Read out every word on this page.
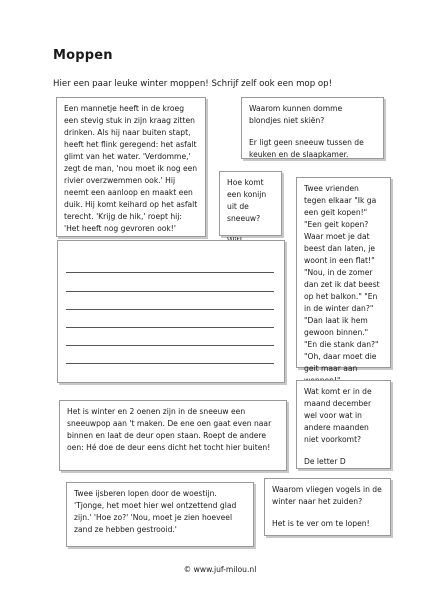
Moppen
Hier een paar leuke winter moppen! Schrijf zelf ook een mop op!

Een mannetje heeft in de kroeg een stevig stuk in zijn kraag zitten drinken. Als hij naar buiten stapt, heeft het flink geregend: het asfalt glimt van het water. 'Verdomme,' zegt de man, 'nou moet ik nog een rivier overzwemmen ook.' Hij neemt een aanloop en maakt een duik. Hij komt keihard op het asfalt terecht. 'Krijg de hik,' roept hij: 'Het heeft nog gevroren ook!'

Waarom kunnen domme blondjes niet skiën?

Er ligt geen sneeuw tussen de keuken en de slaapkamer.

Hoe komt een konijn uit de sneeuw?

Twee vrienden tegen elkaar "Ik ga een geit kopen!" "Een geit kopen? Waar moet je dat beest dan laten, je woont in een flat!" "Nou, in de zomer dan zet ik dat beest op het balkon." "En in de winter dan?" "Dan laat ik hem gewoon binnen." "En die stank dan?" "Oh, daar moet die geit maar aan

Wat komt er in de maand december wel voor wat in andere maanden niet voorkomt?

De letter D

Het is winter en 2 oenen zijn in de sneeuw een sneeuwpop aan 't maken. De ene oen gaat even naar binnen en laat de deur open staan. Roept de andere oen: Hé doe de deur eens dicht het tocht hier buiten!

Twee ijsberen lopen door de woestijn. 'Tjonge, het moet hier wel ontzettend glad zijn.' 'Hoe zo?' 'Nou, moet je zien hoeveel zand ze hebben gestrooid.'

Waarom vliegen vogels in de winter naar het zuiden?

Het is te ver om te lopen!

© www.juf-milou.nl
